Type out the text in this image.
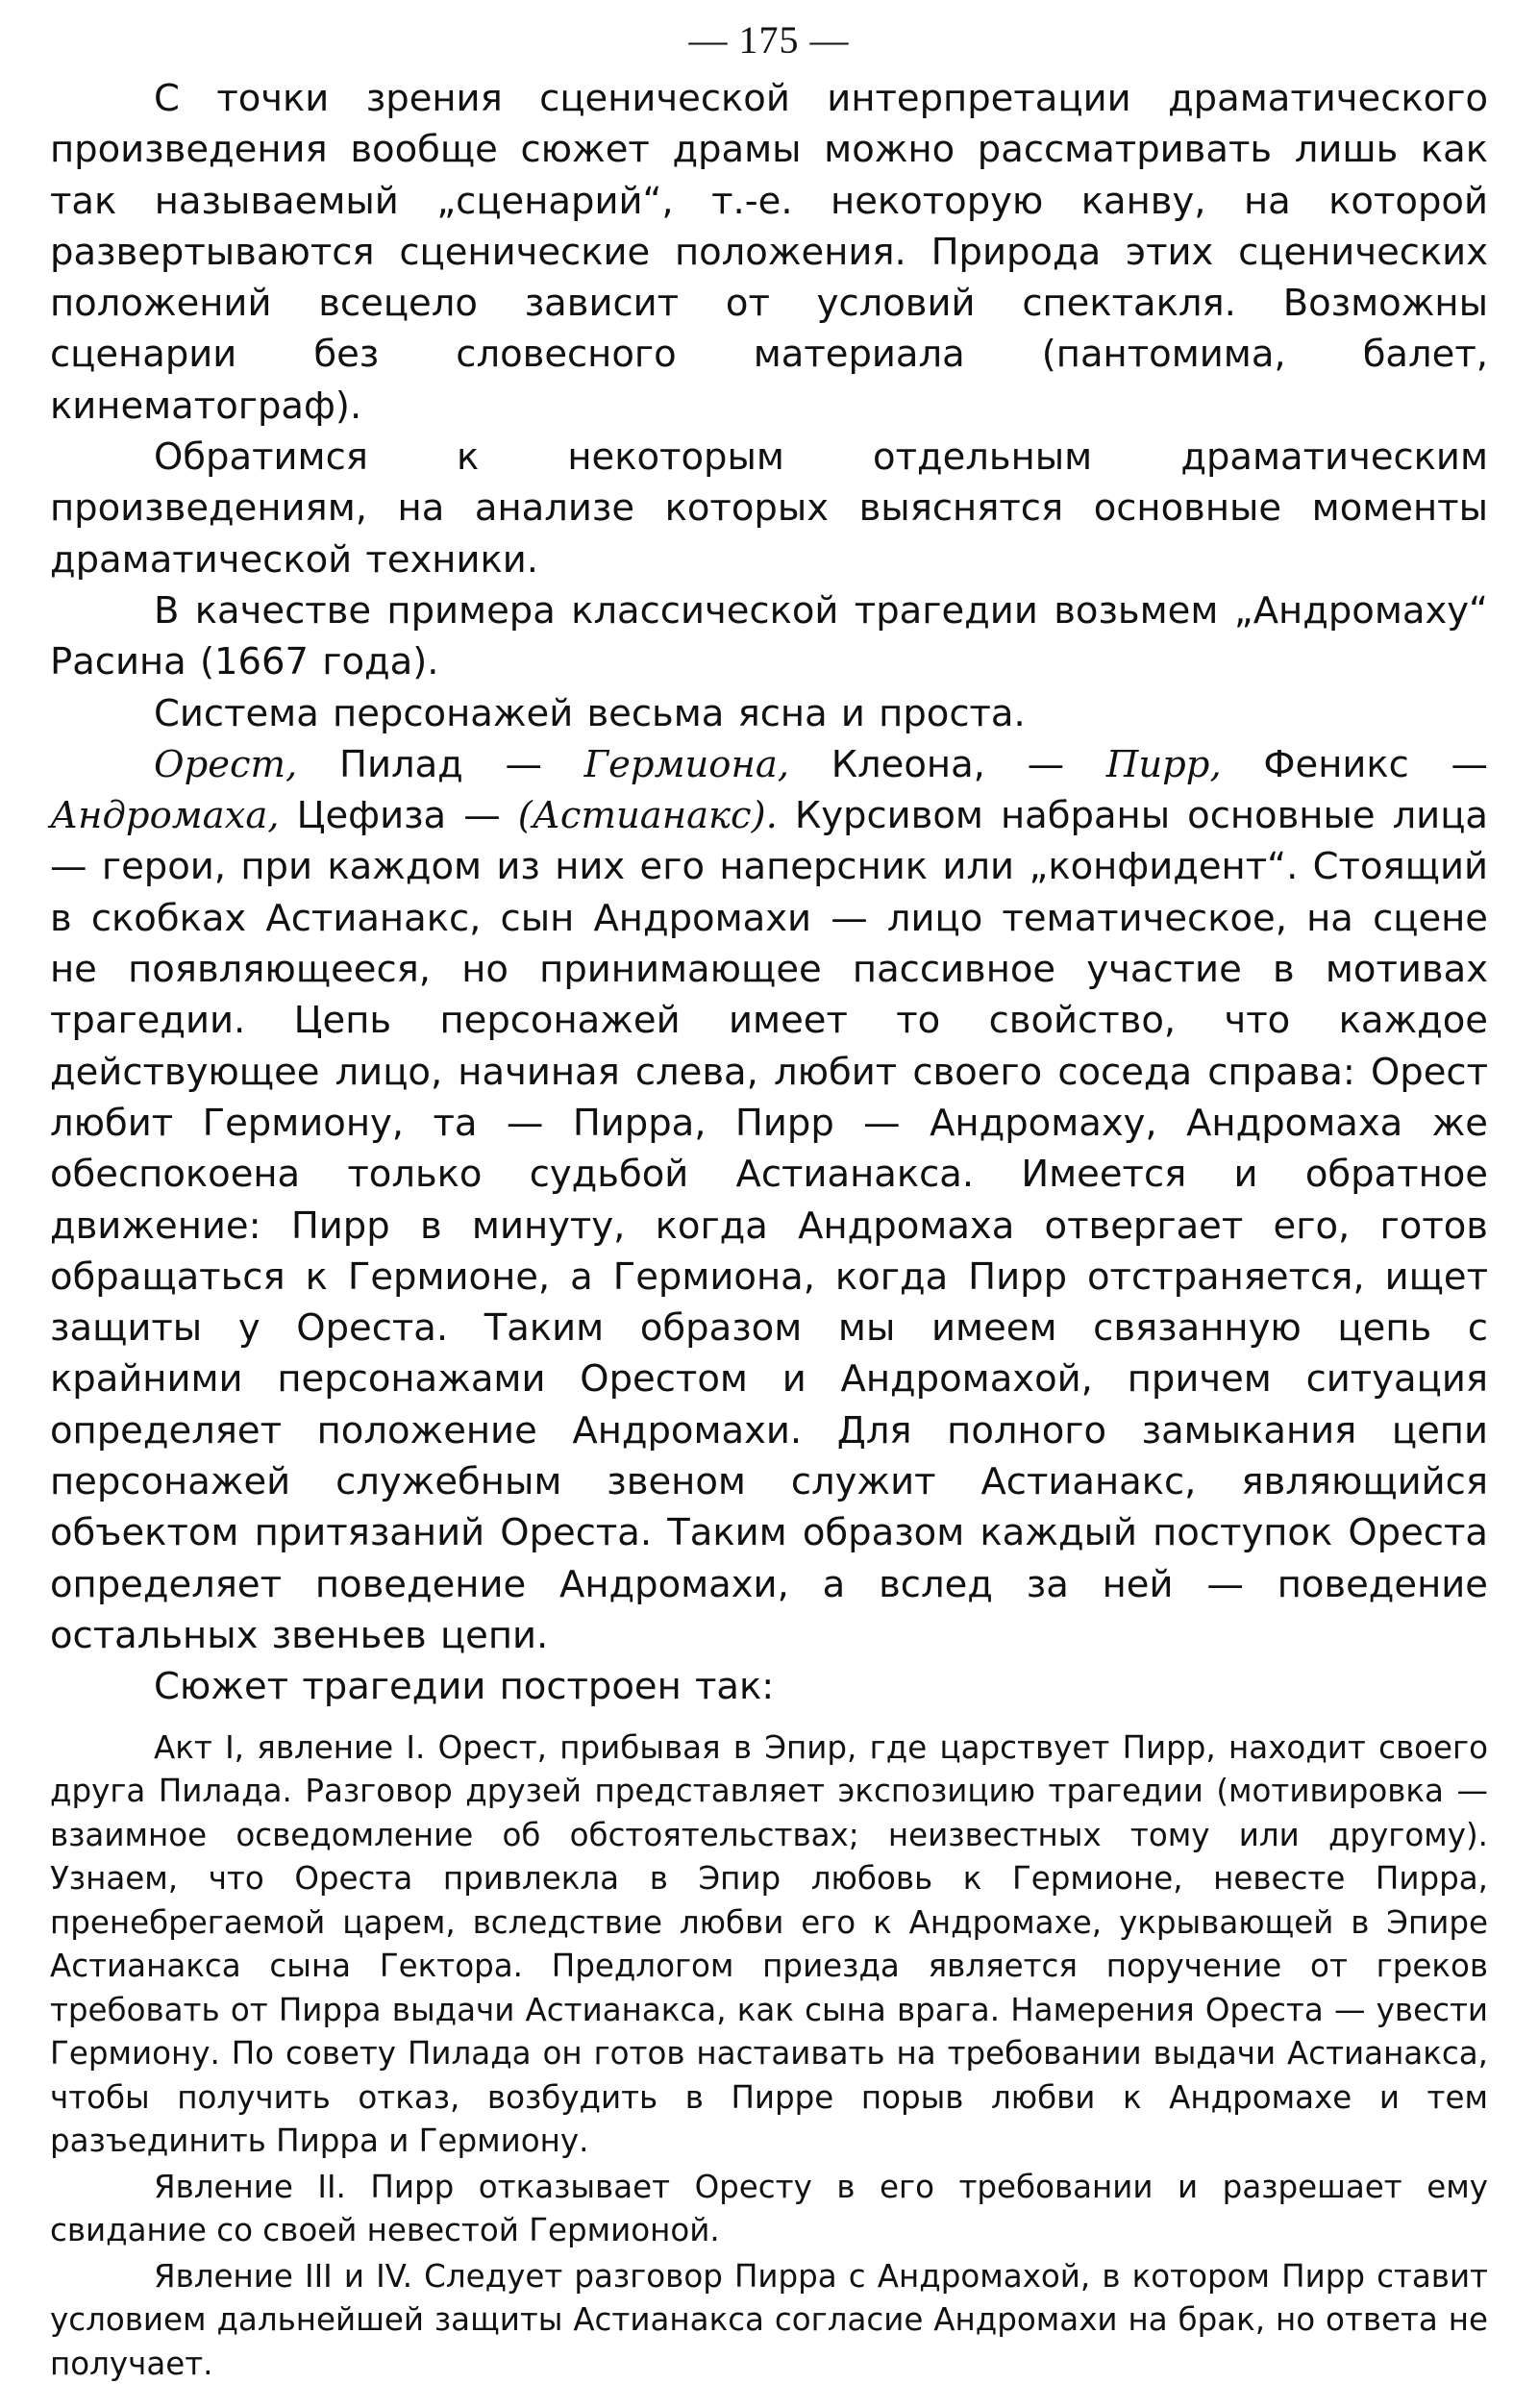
— 175 —

С точки зрения сценической интерпретации драматического произведения вообще сюжет драмы можно рассматривать лишь как так называемый „сценарий“, т.-е. некоторую канву, на которой развертываются сценические положения. Природа этих сценических положений всецело зависит от условий спектакля. Возможны сценарии без словесного материала (пантомима, балет, кинематограф).

Обратимся к некоторым отдельным драматическим произведениям, на анализе которых выяснятся основные моменты драматической техники.

В качестве примера классической трагедии возьмем „Андромаху“ Расина (1667 года).

Система персонажей весьма ясна и проста.

Орест, Пилад — Гермиона, Клеона, — Пирр, Феникс — Андромаха, Цефиза — (Астианакс). Курсивом набраны основные лица — герои, при каждом из них его наперсник или „конфидент“. Стоящий в скобках Астианакс, сын Андромахи — лицо тематическое, на сцене не появляющееся, но принимающее пассивное участие в мотивах трагедии. Цепь персонажей имеет то свойство, что каждое действующее лицо, начиная слева, любит своего соседа справа: Орест любит Гермиону, та — Пирра, Пирр — Андромаху, Андромаха же обеспокоена только судьбой Астианакса. Имеется и обратное движение: Пирр в минуту, когда Андромаха отвергает его, готов обращаться к Гермионе, а Гермиона, когда Пирр отстраняется, ищет защиты у Ореста. Таким образом мы имеем связанную цепь с крайними персонажами Орестом и Андромахой, причем ситуация определяет положение Андромахи. Для полного замыкания цепи персонажей служебным звеном служит Астианакс, являющийся объектом притязаний Ореста. Таким образом каждый поступок Ореста определяет поведение Андромахи, а вслед за ней — поведение остальных звеньев цепи.

Сюжет трагедии построен так:

Акт I, явление I. Орест, прибывая в Эпир, где царствует Пирр, находит своего друга Пилада. Разговор друзей представляет экспозицию трагедии (мотивировка — взаимное осведомление об обстоятельствах; неизвестных тому или другому). Узнаем, что Ореста привлекла в Эпир любовь к Гермионе, невесте Пирра, пренебрегаемой царем, вследствие любви его к Андромахе, укрывающей в Эпире Астианакса сына Гектора. Предлогом приезда является поручение от греков требовать от Пирра выдачи Астианакса, как сына врага. Намерения Ореста — увести Гермиону. По совету Пилада он готов настаивать на требовании выдачи Астианакса, чтобы получить отказ, возбудить в Пирре порыв любви к Андромахе и тем разъединить Пирра и Гермиону.

Явление II. Пирр отказывает Оресту в его требовании и разрешает ему свидание со своей невестой Гермионой.

Явление III и IV. Следует разговор Пирра с Андромахой, в котором Пирр ставит условием дальнейшей защиты Астианакса согласие Андромахи на брак, но ответа не получает.
